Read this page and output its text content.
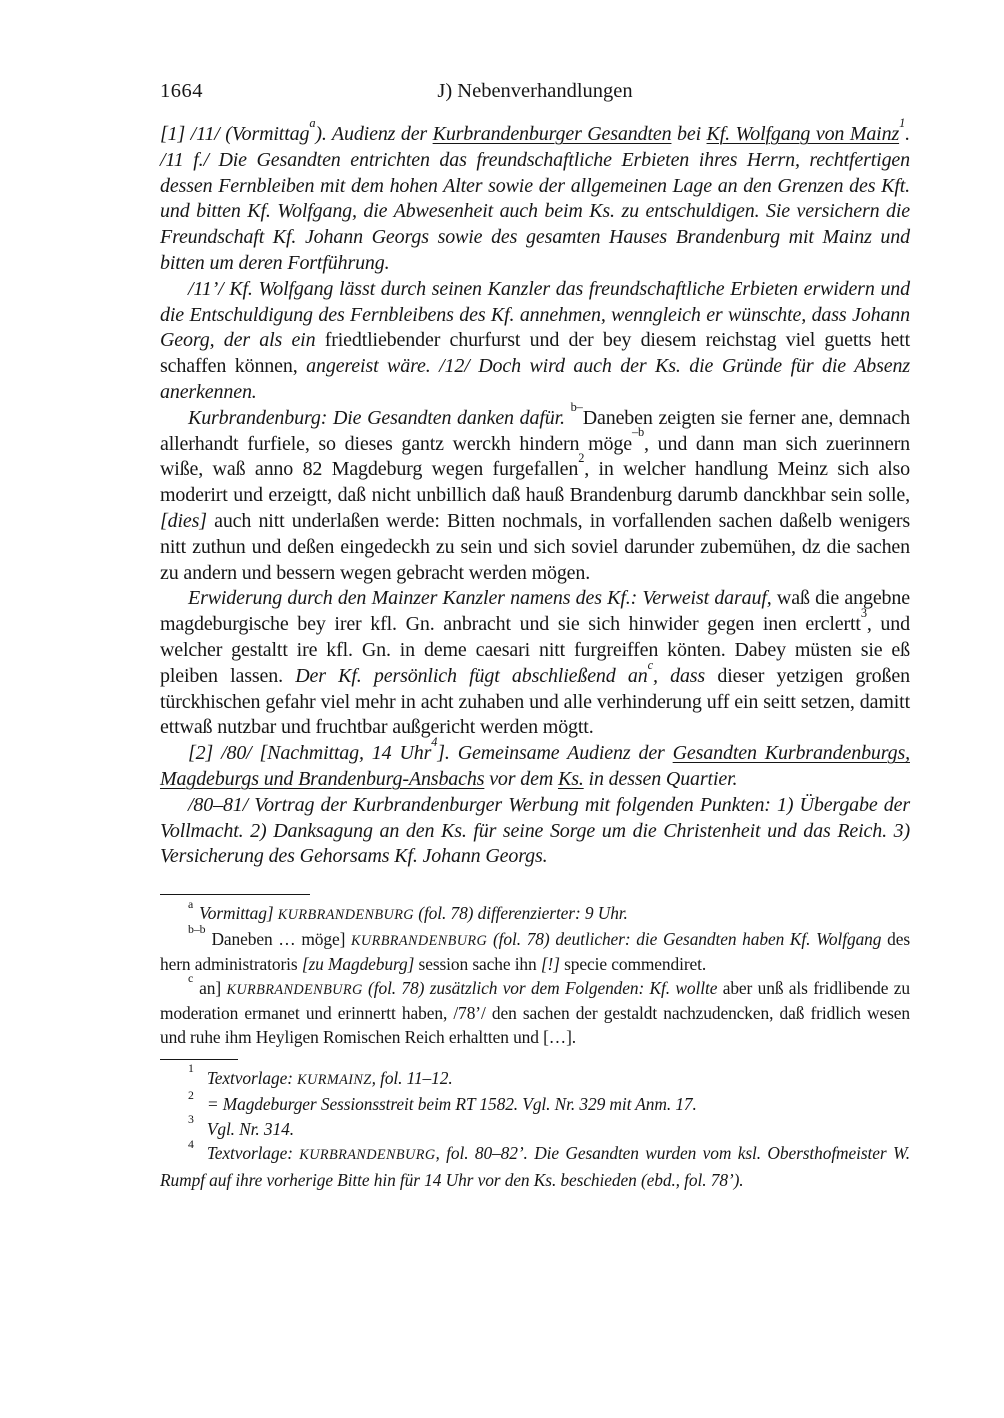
1664	J) Nebenverhandlungen

[1] /11/ (Vormittag$^a$). Audienz der Kurbrandenburger Gesandten bei Kf. Wolfgang von Mainz$^1$. /11 f./ Die Gesandten entrichten das freundschaftliche Erbieten ihres Herrn, rechtfertigen dessen Fernbleiben mit dem hohen Alter sowie der allgemeinen Lage an den Grenzen des Kft. und bitten Kf. Wolfgang, die Abwesenheit auch beim Ks. zu entschuldigen. Sie versichern die Freundschaft Kf. Johann Georgs sowie des gesamten Hauses Brandenburg mit Mainz und bitten um deren Fortführung.

/11’/ Kf. Wolfgang lässt durch seinen Kanzler das freundschaftliche Erbieten erwidern und die Entschuldigung des Fernbleibens des Kf. annehmen, wenngleich er wünschte, dass Johann Georg, der als ein friedtliebender churfurst und der bey diesem reichstag viel guetts hett schaffen können, angereist wäre. /12/ Doch wird auch der Ks. die Gründe für die Absenz anerkennen.

Kurbrandenburg: Die Gesandten danken dafür. $^{b-}$Daneben zeigten sie ferner ane, demnach allerhandt furfiele, so dieses gantz werckh hindern möge$^{-b}$, und dann man sich zuerinnern wiße, waß anno 82 Magdeburg wegen furgefallen$^2$, in welcher handlung Meinz sich also moderirt und erzeigtt, daß nicht unbillich daß hauß Brandenburg darumb danckhbar sein solle, [dies] auch nitt underlaßen werde: Bitten nochmals, in vorfallenden sachen daßelb wenigers nitt zuthun und deßen eingedeckh zu sein und sich soviel darunder zubemühen, dz die sachen zu andern und bessern wegen gebracht werden mögen.

Erwiderung durch den Mainzer Kanzler namens des Kf.: Verweist darauf, waß die angebne magdeburgische bey irer kfl. Gn. anbracht und sie sich hinwider gegen inen erclertt$^3$, und welcher gestaltt ire kfl. Gn. in deme caesari nitt furgreiffen könten. Dabey müsten sie eß pleiben lassen. Der Kf. persönlich fügt abschließend $an^c$, dass dieser yetzigen großen türckhischen gefahr viel mehr in acht zuhaben und alle verhinderung uff ein seitt setzen, damitt ettwaß nutzbar und fruchtbar außgericht werden mögtt.

[2] /80/ [Nachmittag, 14 Uhr$^4$]. Gemeinsame Audienz der Gesandten Kurbrandenburgs, Magdeburgs und Brandenburg-Ansbachs vor dem Ks. in dessen Quartier.

/80–81/ Vortrag der Kurbrandenburger Werbung mit folgenden Punkten: 1) Übergabe der Vollmacht. 2) Danksagung an den Ks. für seine Sorge um die Christenheit und das Reich. 3) Versicherung des Gehorsams Kf. Johann Georgs.

$^a$ Vormittag] KURBRANDENBURG (fol. 78) differenzierter: 9 Uhr.

$^{b-b}$ Daneben … möge] KURBRANDENBURG (fol. 78) deutlicher: die Gesandten haben Kf. Wolfgang des hern administratoris [zu Magdeburg] session sache ihn [!] specie commendiret.

$^c$ an] KURBRANDENBURG (fol. 78) zusätzlich vor dem Folgenden: Kf. wollte aber unß als fridlibende zu moderation ermanet und erinnertt haben, /78’/ den sachen der gestaldt nachzudencken, daß fridlich wesen und ruhe ihm Heyligen Romischen Reich erhaltten und […].

$^1$ Textvorlage: KURMAINZ, fol. 11–12.

$^2$ = Magdeburger Sessionsstreit beim RT 1582. Vgl. Nr. 329 mit Anm. 17.

$^3$ Vgl. Nr. 314.

$^4$ Textvorlage: KURBRANDENBURG, fol. 80–82’. Die Gesandten wurden vom ksl. Obersthofmeister W. Rumpf auf ihre vorherige Bitte hin für 14 Uhr vor den Ks. beschieden (ebd., fol. 78’).
